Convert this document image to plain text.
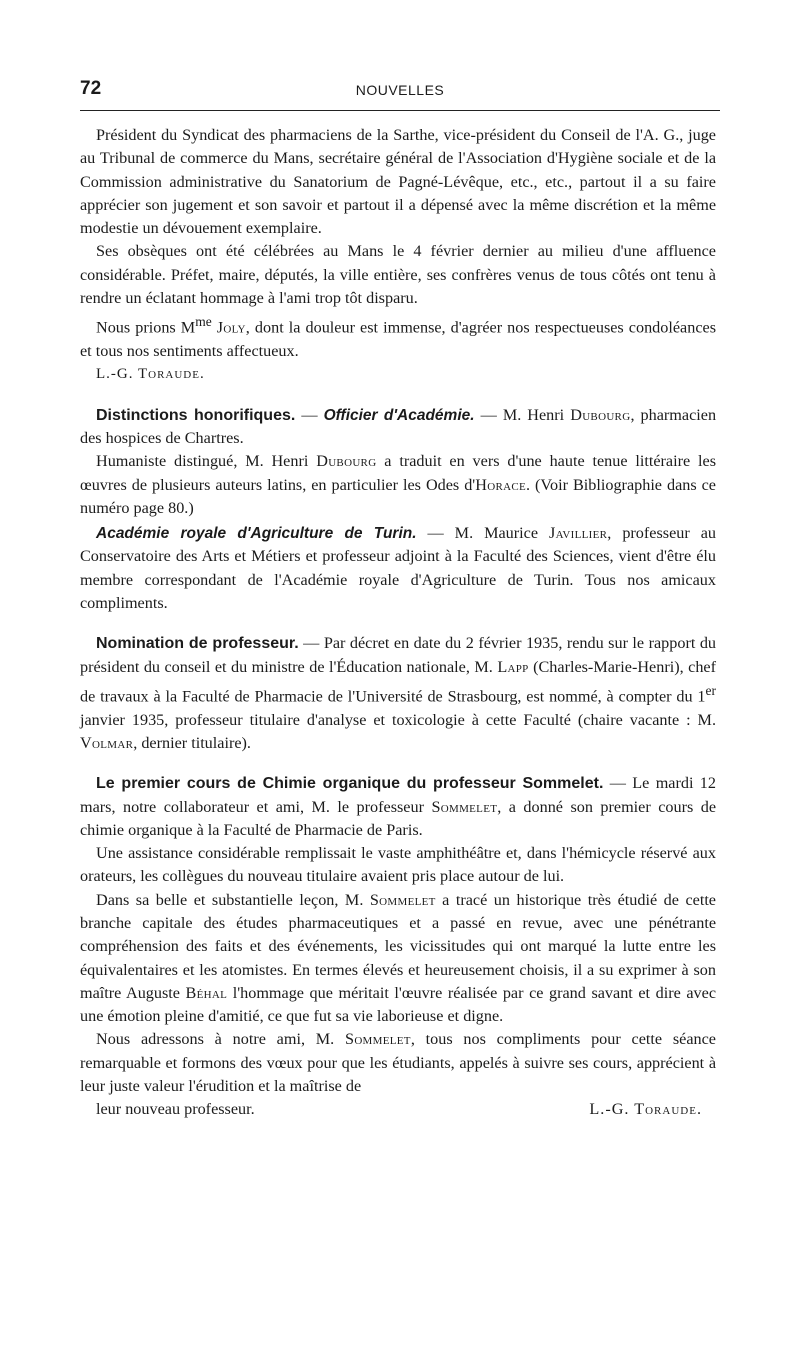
72	NOUVELLES

Président du Syndicat des pharmaciens de la Sarthe, vice-président du Conseil de l'A. G., juge au Tribunal de commerce du Mans, secrétaire général de l'Association d'Hygiène sociale et de la Commission administrative du Sanatorium de Pagné-Lévêque, etc., etc., partout il a su faire apprécier son jugement et son savoir et partout il a dépensé avec la même discrétion et la même modestie un dévouement exemplaire.

Ses obsèques ont été célébrées au Mans le 4 février dernier au milieu d'une affluence considérable. Préfet, maire, députés, la ville entière, ses confrères venus de tous côtés ont tenu à rendre un éclatant hommage à l'ami trop tôt disparu.

Nous prions $M^{me}$ Joly, dont la douleur est immense, d'agréer nos respectueuses condoléances et tous nos sentiments affectueux.

L.-G. Toraude.

Distinctions honorifiques. — Officier d'Académie. — M. Henri Dubourg, pharmacien des hospices de Chartres.

Humaniste distingué, M. Henri Dubourg a traduit en vers d'une haute tenue littéraire les œuvres de plusieurs auteurs latins, en particulier les Odes d'Horace. (Voir Bibliographie dans ce numéro page 80.)

Académie royale d'Agriculture de Turin. — M. Maurice Javillier, professeur au Conservatoire des Arts et Métiers et professeur adjoint à la Faculté des Sciences, vient d'être élu membre correspondant de l'Académie royale d'Agriculture de Turin. Tous nos amicaux compliments.

Nomination de professeur. — Par décret en date du 2 février 1935, rendu sur le rapport du président du conseil et du ministre de l'Éducation nationale, M. Lapp (Charles-Marie-Henri), chef de travaux à la Faculté de Pharmacie de l'Université de Strasbourg, est nommé, à compter du 1er janvier 1935, professeur titulaire d'analyse et toxicologie à cette Faculté (chaire vacante : M. Volmar, dernier titulaire).

Le premier cours de Chimie organique du professeur Sommelet. — Le mardi 12 mars, notre collaborateur et ami, M. le professeur Sommelet, a donné son premier cours de chimie organique à la Faculté de Pharmacie de Paris.

Une assistance considérable remplissait le vaste amphithéâtre et, dans l'hémicycle réservé aux orateurs, les collègues du nouveau titulaire avaient pris place autour de lui.

Dans sa belle et substantielle leçon, M. Sommelet a tracé un historique très étudié de cette branche capitale des études pharmaceutiques et a passé en revue, avec une pénétrante compréhension des faits et des événements, les vicissitudes qui ont marqué la lutte entre les équivalentaires et les atomistes. En termes élevés et heureusement choisis, il a su exprimer à son maître Auguste Béhal l'hommage que méritait l'œuvre réalisée par ce grand savant et dire avec une émotion pleine d'amitié, ce que fut sa vie laborieuse et digne.

Nous adressons à notre ami, M. Sommelet, tous nos compliments pour cette séance remarquable et formons des vœux pour que les étudiants, appelés à suivre ses cours, apprécient à leur juste valeur l'érudition et la maîtrise de

leur nouveau professeur.	L.-G. Toraude.
